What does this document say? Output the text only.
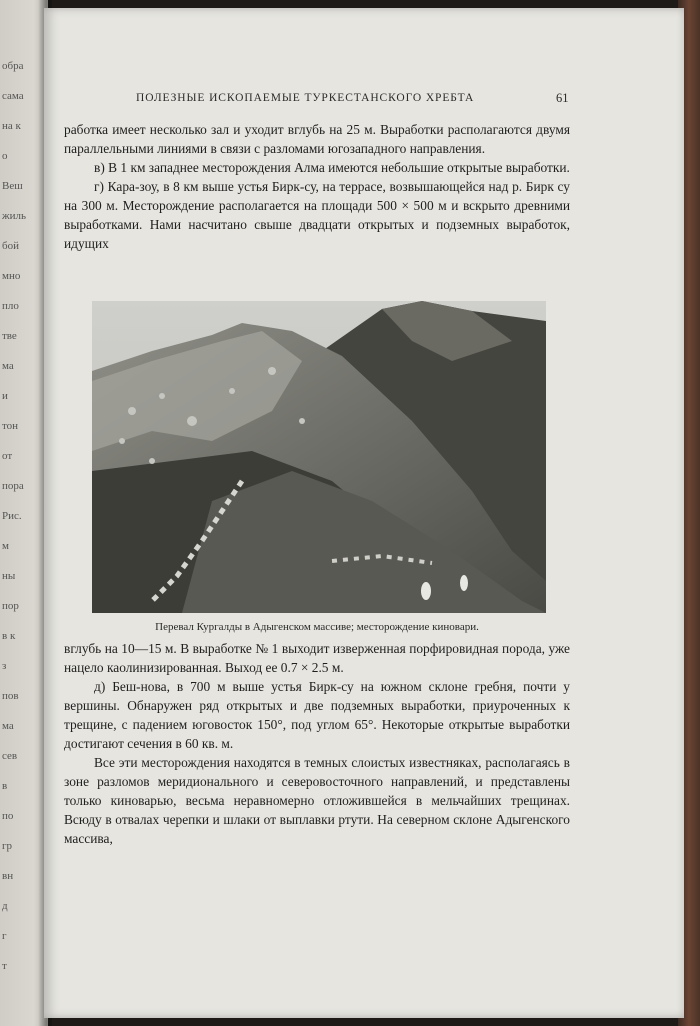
обра
сама
на к
о
Веш
жиль
бой
мно
пло
тве
ма
и
тон
от
пора
Рис.
м
ны
пор
в к
з
пов
ма
сев
в
по
гр
вн
д
г
т
ПОЛЕЗНЫЕ ИСКОПАЕМЫЕ ТУРКЕСТАНСКОГО ХРЕБТА	61

работка имеет несколько зал и уходит вглубь на 25 м. Выработки располагаются двумя параллельными линиями в связи с разломами югозападного направления.

в) В 1 км западнее месторождения Алма имеются небольшие открытые выработки.

г) Кара-зоу, в 8 км выше устья Бирк-су, на террасе, возвышающейся над р. Бирк су на 300 м. Месторождение располагается на площади 500 × 500 м и вскрыто древними выработками. Нами насчитано свыше двадцати открытых и подземных выработок, идущих

Перевал Кургалды в Адыгенском массиве; месторождение киновари.

вглубь на 10—15 м. В выработке № 1 выходит изверженная порфировидная порода, уже нацело каолинизированная. Выход ее 0.7 × 2.5 м.

д) Беш-нова, в 700 м выше устья Бирк-су на южном склоне гребня, почти у вершины. Обнаружен ряд открытых и две подземных выработки, приуроченных к трещине, с падением юговосток 150°, под углом 65°. Некоторые открытые выработки достигают сечения в 60 кв. м.

Все эти месторождения находятся в темных слоистых известняках, располагаясь в зоне разломов меридионального и северовосточного направлений, и представлены только киноварью, весьма неравномерно отложившейся в мельчайших трещинах. Всюду в отвалах черепки и шлаки от выплавки ртути. На северном склоне Адыгенского массива,
